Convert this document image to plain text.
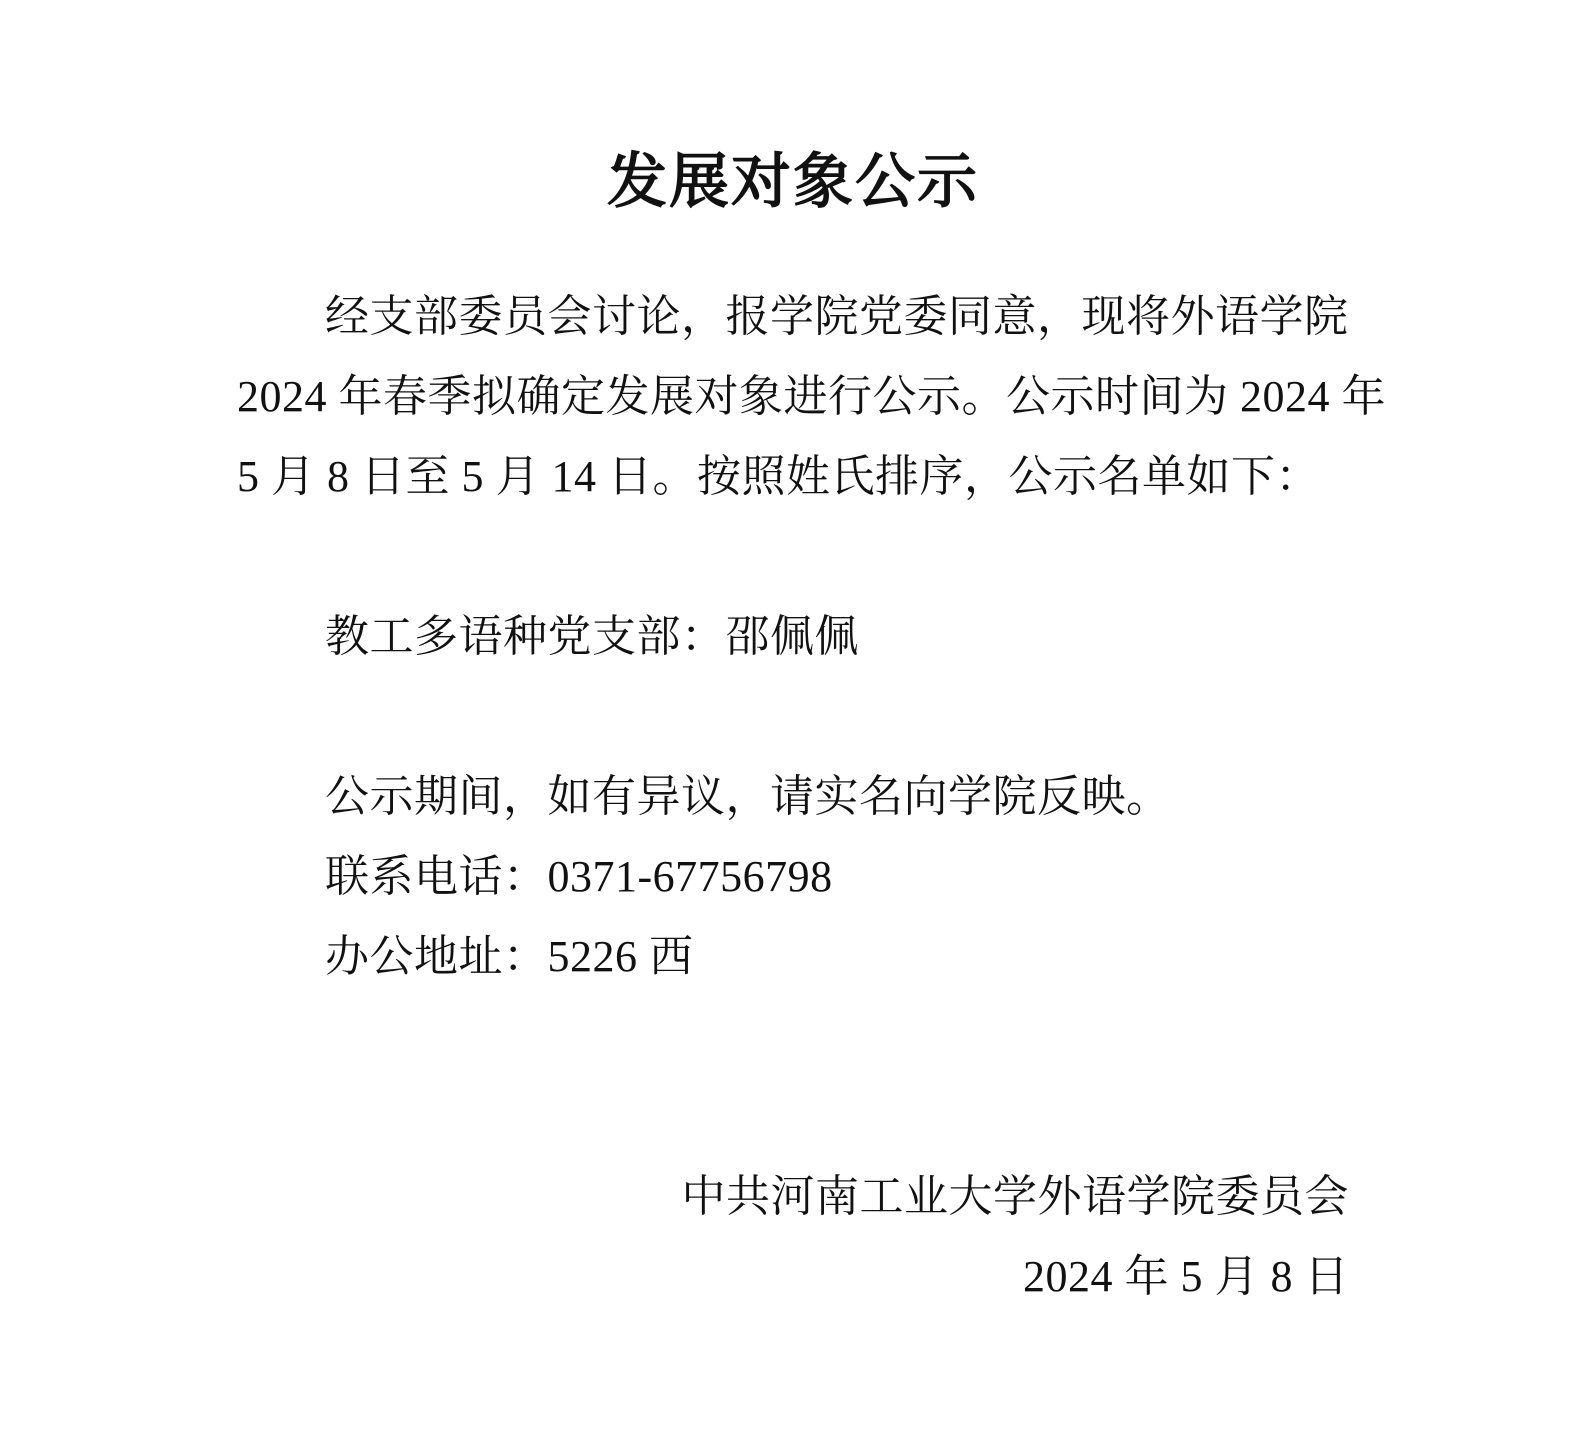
发展对象公示
经支部委员会讨论，报学院党委同意，现将外语学院
2024 年春季拟确定发展对象进行公示。公示时间为 2024 年
5 月 8 日至 5 月 14 日。按照姓氏排序，公示名单如下：
教工多语种党支部：邵佩佩
公示期间，如有异议，请实名向学院反映。
联系电话：0371-67756798
办公地址：5226 西
中共河南工业大学外语学院委员会
2024 年 5 月 8 日
